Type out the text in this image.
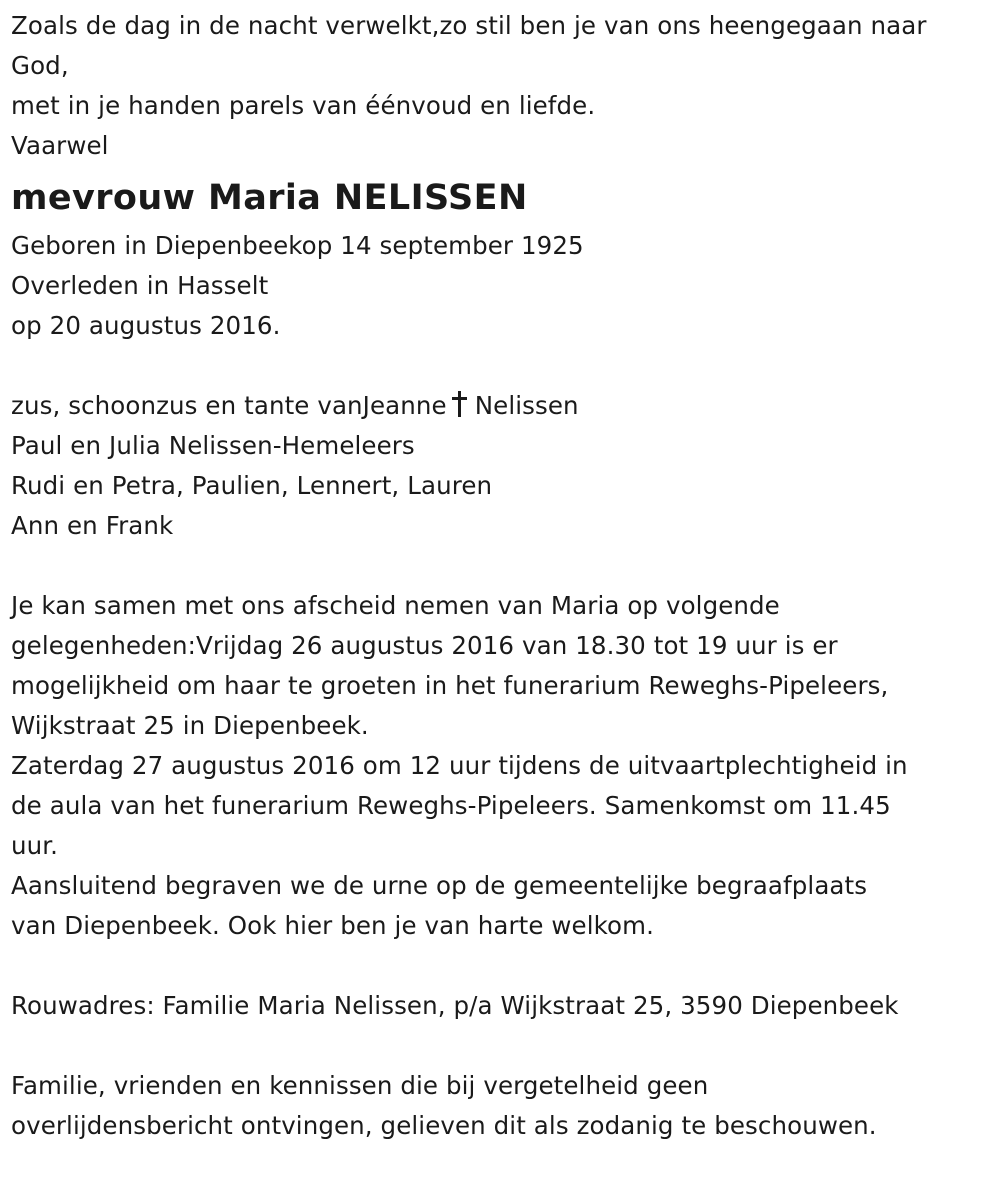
Zoals de dag in de nacht verwelkt,zo stil ben je van ons heengegaan naar
God,
met in je handen parels van éénvoud en liefde.
Vaarwel
mevrouw Maria NELISSEN
Geboren in Diepenbeekop 14 september 1925
Overleden in Hasselt
op 20 augustus 2016.
zus, schoonzus en tante vanJeanne Nelissen
Paul en Julia Nelissen-Hemeleers
Rudi en Petra, Paulien, Lennert, Lauren
Ann en Frank
Je kan samen met ons afscheid nemen van Maria op volgende
gelegenheden:Vrijdag 26 augustus 2016 van 18.30 tot 19 uur is er
mogelijkheid om haar te groeten in het funerarium Reweghs-Pipeleers,
Wijkstraat 25 in Diepenbeek.
Zaterdag 27 augustus 2016 om 12 uur tijdens de uitvaartplechtigheid in
de aula van het funerarium Reweghs-Pipeleers. Samenkomst om 11.45
uur.
Aansluitend begraven we de urne op de gemeentelijke begraafplaats
van Diepenbeek. Ook hier ben je van harte welkom.
Rouwadres: Familie Maria Nelissen, p/a Wijkstraat 25, 3590 Diepenbeek
Familie, vrienden en kennissen die bij vergetelheid geen
overlijdensbericht ontvingen, gelieven dit als zodanig te beschouwen.
